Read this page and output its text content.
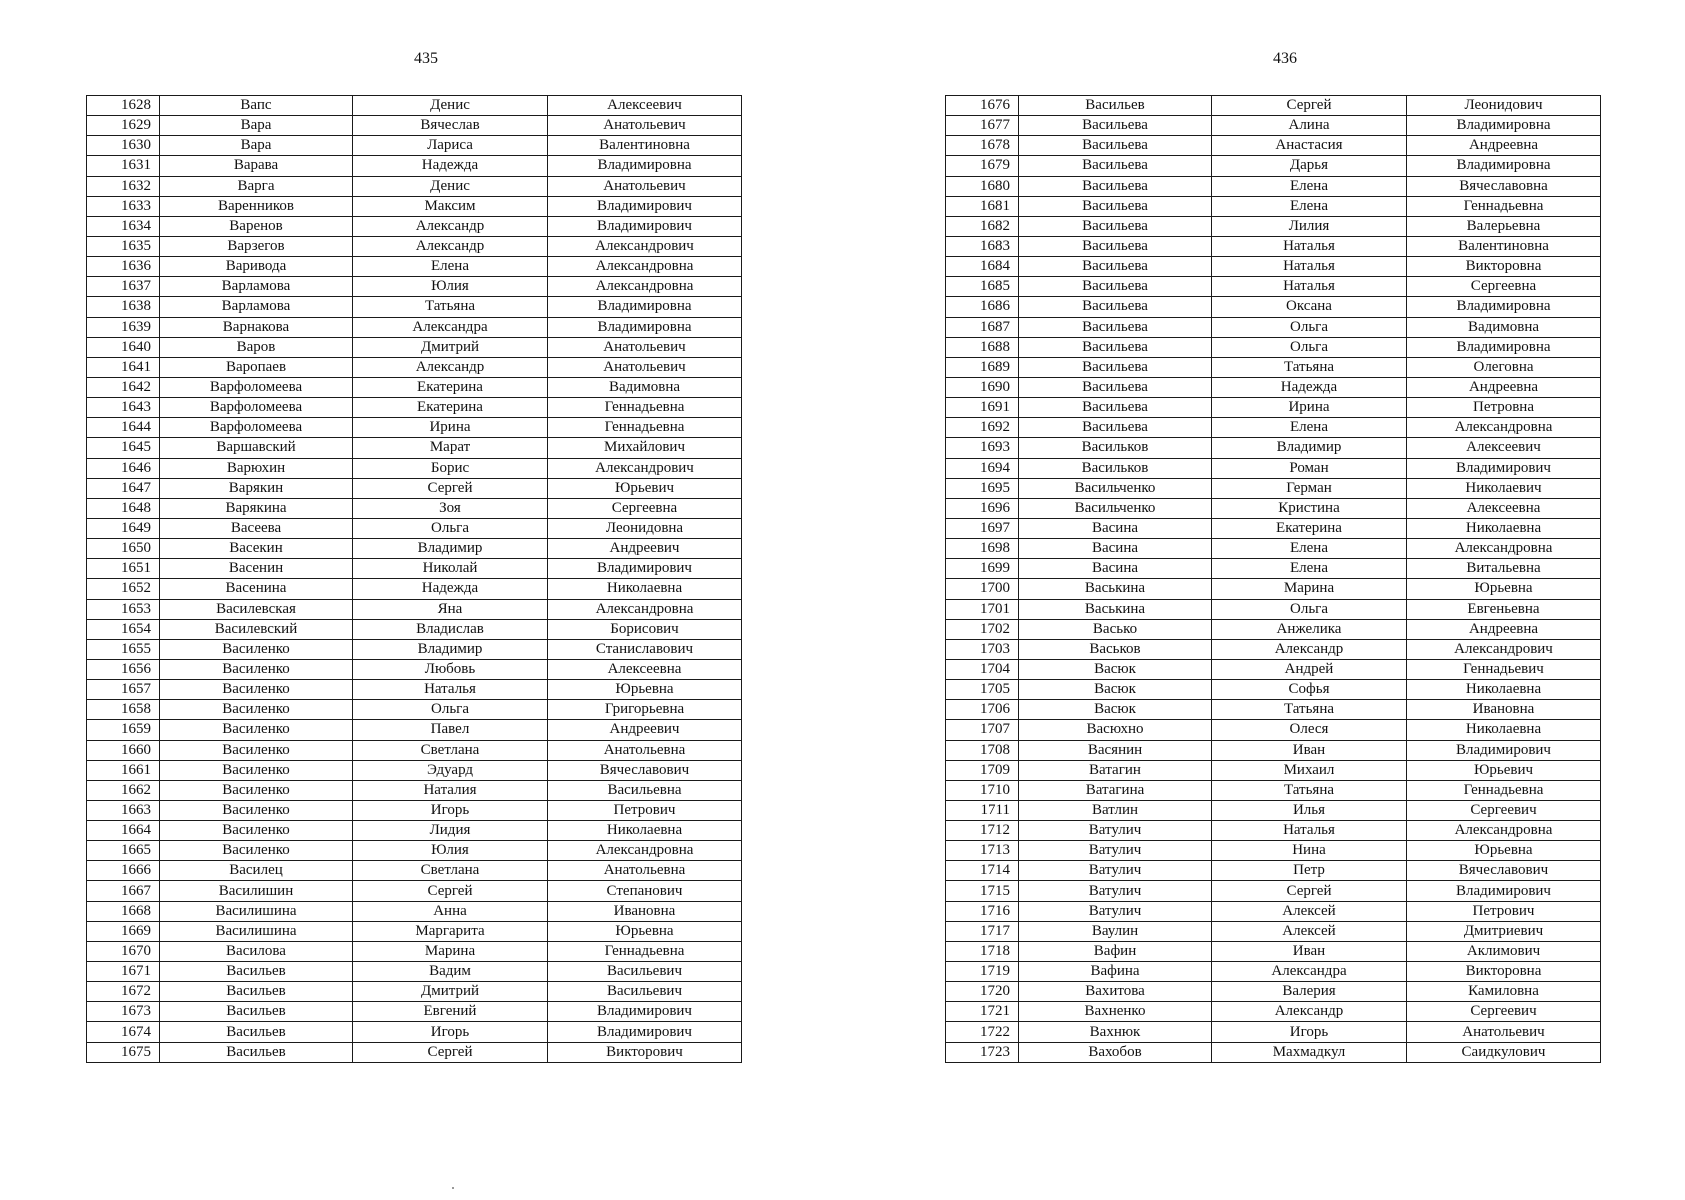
435
1628	Вапс	Денис	Алексеевич
1629	Вара	Вячеслав	Анатольевич
1630	Вара	Лариса	Валентиновна
1631	Варава	Надежда	Владимировна
1632	Варга	Денис	Анатольевич
1633	Варенников	Максим	Владимирович
1634	Варенов	Александр	Владимирович
1635	Варзегов	Александр	Александрович
1636	Варивода	Елена	Александровна
1637	Варламова	Юлия	Александровна
1638	Варламова	Татьяна	Владимировна
1639	Варнакова	Александра	Владимировна
1640	Варов	Дмитрий	Анатольевич
1641	Варопаев	Александр	Анатольевич
1642	Варфоломеева	Екатерина	Вадимовна
1643	Варфоломеева	Екатерина	Геннадьевна
1644	Варфоломеева	Ирина	Геннадьевна
1645	Варшавский	Марат	Михайлович
1646	Варюхин	Борис	Александрович
1647	Варякин	Сергей	Юрьевич
1648	Варякина	Зоя	Сергеевна
1649	Васеева	Ольга	Леонидовна
1650	Васекин	Владимир	Андреевич
1651	Васенин	Николай	Владимирович
1652	Васенина	Надежда	Николаевна
1653	Василевская	Яна	Александровна
1654	Василевский	Владислав	Борисович
1655	Василенко	Владимир	Станиславович
1656	Василенко	Любовь	Алексеевна
1657	Василенко	Наталья	Юрьевна
1658	Василенко	Ольга	Григорьевна
1659	Василенко	Павел	Андреевич
1660	Василенко	Светлана	Анатольевна
1661	Василенко	Эдуард	Вячеславович
1662	Василенко	Наталия	Васильевна
1663	Василенко	Игорь	Петрович
1664	Василенко	Лидия	Николаевна
1665	Василенко	Юлия	Александровна
1666	Василец	Светлана	Анатольевна
1667	Василишин	Сергей	Степанович
1668	Василишина	Анна	Ивановна
1669	Василишина	Маргарита	Юрьевна
1670	Василова	Марина	Геннадьевна
1671	Васильев	Вадим	Васильевич
1672	Васильев	Дмитрий	Васильевич
1673	Васильев	Евгений	Владимирович
1674	Васильев	Игорь	Владимирович
1675	Васильев	Сергей	Викторович
436
1676	Васильев	Сергей	Леонидович
1677	Васильева	Алина	Владимировна
1678	Васильева	Анастасия	Андреевна
1679	Васильева	Дарья	Владимировна
1680	Васильева	Елена	Вячеславовна
1681	Васильева	Елена	Геннадьевна
1682	Васильева	Лилия	Валерьевна
1683	Васильева	Наталья	Валентиновна
1684	Васильева	Наталья	Викторовна
1685	Васильева	Наталья	Сергеевна
1686	Васильева	Оксана	Владимировна
1687	Васильева	Ольга	Вадимовна
1688	Васильева	Ольга	Владимировна
1689	Васильева	Татьяна	Олеговна
1690	Васильева	Надежда	Андреевна
1691	Васильева	Ирина	Петровна
1692	Васильева	Елена	Александровна
1693	Васильков	Владимир	Алексеевич
1694	Васильков	Роман	Владимирович
1695	Васильченко	Герман	Николаевич
1696	Васильченко	Кристина	Алексеевна
1697	Васина	Екатерина	Николаевна
1698	Васина	Елена	Александровна
1699	Васина	Елена	Витальевна
1700	Васькина	Марина	Юрьевна
1701	Васькина	Ольга	Евгеньевна
1702	Васько	Анжелика	Андреевна
1703	Васьков	Александр	Александрович
1704	Васюк	Андрей	Геннадьевич
1705	Васюк	Софья	Николаевна
1706	Васюк	Татьяна	Ивановна
1707	Васюхно	Олеся	Николаевна
1708	Васянин	Иван	Владимирович
1709	Ватагин	Михаил	Юрьевич
1710	Ватагина	Татьяна	Геннадьевна
1711	Ватлин	Илья	Сергеевич
1712	Ватулич	Наталья	Александровна
1713	Ватулич	Нина	Юрьевна
1714	Ватулич	Петр	Вячеславович
1715	Ватулич	Сергей	Владимирович
1716	Ватулич	Алексей	Петрович
1717	Ваулин	Алексей	Дмитриевич
1718	Вафин	Иван	Аклимович
1719	Вафина	Александра	Викторовна
1720	Вахитова	Валерия	Камиловна
1721	Вахненко	Александр	Сергеевич
1722	Вахнюк	Игорь	Анатольевич
1723	Вахобов	Махмадкул	Саидкулович
